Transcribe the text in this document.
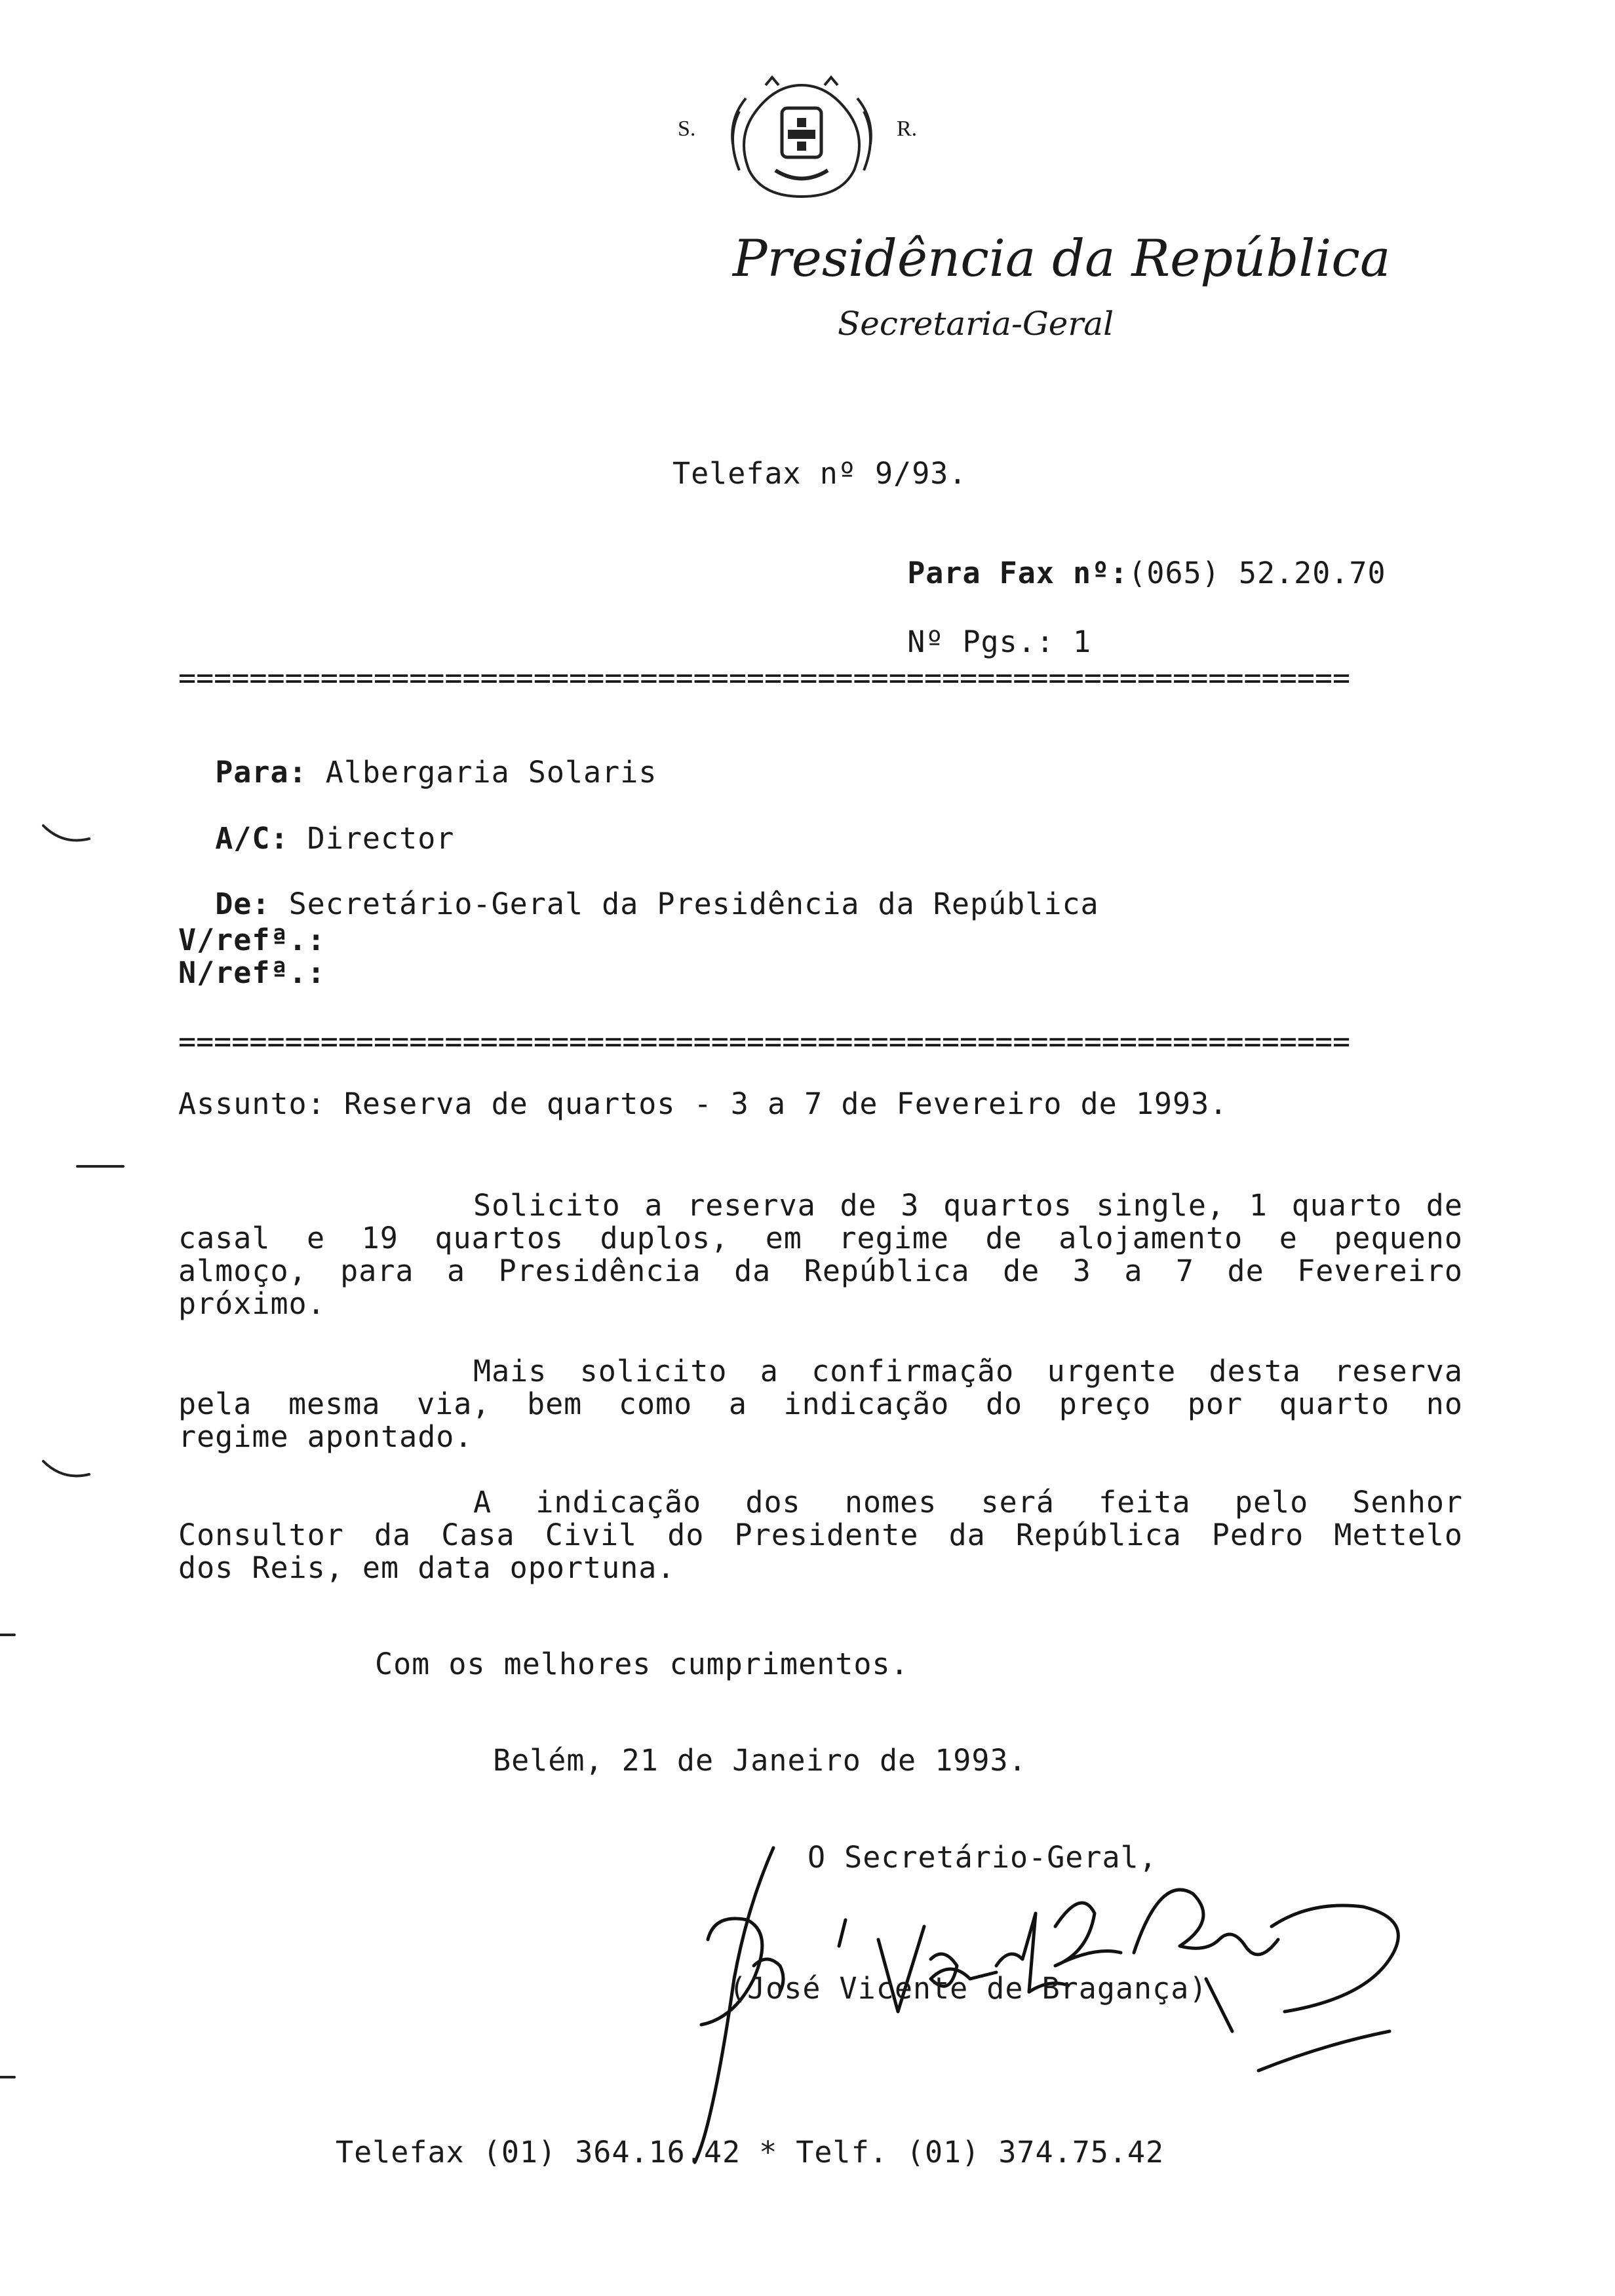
S.	R.
Presidência da República
Secretaria-Geral
Telefax nº 9/93.

Para Fax nº:(065) 52.20.70

Nº Pgs.: 1

==================================================================

Para: Albergaria Solaris

A/C: Director

De: Secretário-Geral da Presidência da República

V/refª.:
N/refª.:
==================================================================
Assunto: Reserva de quartos - 3 a 7 de Fevereiro de 1993.
Solicito a reserva de 3 quartos single, 1 quarto de
casal e 19 quartos duplos, em regime de alojamento e pequeno
almoço, para a Presidência da República de 3 a 7 de Fevereiro
próximo.
Mais solicito a confirmação urgente desta reserva
pela mesma via, bem como a indicação do preço por quarto no
regime apontado.
A indicação dos nomes será feita pelo Senhor
Consultor da Casa Civil do Presidente da República Pedro Mettelo
dos Reis, em data oportuna.
Com os melhores cumprimentos.
Belém, 21 de Janeiro de 1993.
O Secretário-Geral,
(José Vicente de Bragança)
Telefax (01) 364.16.42 * Telf. (01) 374.75.42
